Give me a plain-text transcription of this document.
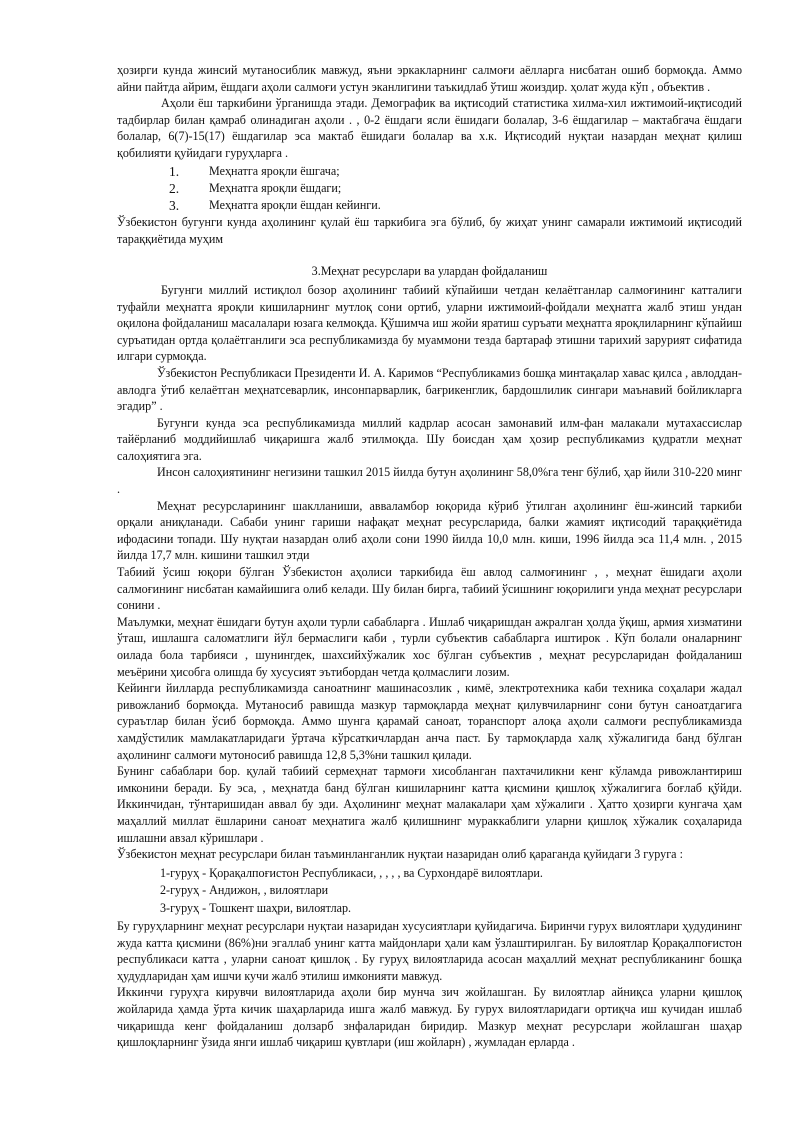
ҳозирги кунда жинсий мутаносиблик мавжуд, яъни эркакларнинг салмоғи аёлларга нисбатан ошиб бормоқда. Аммо айни пайтда айрим, ёшдаги аҳоли салмоғи устун эканлигини таъкидлаб ўтиш жоиздир. ҳолат жуда кўп , объектив .

Аҳоли ёш таркибини ўрганишда этади. Демографик ва иқтисодий статистика хилма-хил ижтимоий-иқтисодий тадбирлар билан қамраб олинадиган аҳоли . , 0-2 ёшдаги ясли ёшидаги болалар, 3-6 ёшдагилар – мактабгача ёшдаги болалар, 6(7)-15(17) ёшдагилар эса мактаб ёшидаги болалар ва х.к. Иқтисодий нуқтаи назардан меҳнат қилиш қобилияти қуйидаги гуруҳларга .

1.	Меҳнатга яроқли ёшгача;
2.	Меҳнатга яроқли ёшдаги;
3.	Меҳнатга яроқли ёшдан кейинги.

Ўзбекистон бугунги кунда аҳолининг қулай ёш таркибига эга бўлиб, бу жиҳат унинг самарали ижтимоий иқтисодий тараққиётида муҳим

3.Меҳнат ресурслари ва улардан фойдаланиш

Бугунги миллий истиқлол бозор аҳолининг табиий кўпайиши четдан келаётганлар салмоғининг катталиги туфайли меҳнатга яроқли кишиларнинг мутлоқ сони ортиб, уларни ижтимоий-фойдали меҳнатга жалб этиш ундан оқилона фойдаланиш масалалари юзага келмоқда. Қўшимча иш жойи яратиш суръати меҳнатга яроқлиларнинг кўпайиш суръатидан ортда қолаётганлиги эса республикамизда бу муаммони тезда бартараф этишни тарихий зарурият сифатида илгари сурмоқда.

Ўзбекистон Республикаси Президенти И. А. Каримов “Республикамиз бошқа минтақалар хавас қилса , авлоддан-авлодга ўтиб келаётган меҳнатсеварлик, инсонпарварлик, бағрикенглик, бардошлилик сингари маънавий бойликларга эгадир” .

Бугунги кунда эса республикамизда миллий кадрлар асосан замонавий илм-фан малакали мутахассислар тайёрланиб моддийишлаб чиқаришга жалб этилмоқда. Шу боисдан ҳам ҳозир республикамиз қудратли меҳнат салоҳиятига эга.

Инсон салоҳиятининг негизини ташкил 2015 йилда бутун аҳолининг 58,0%га тенг бўлиб, ҳар йили 310-220 минг .

Меҳнат ресурсларининг шаклланиши, авваламбор юқорида кўриб ўтилган аҳолининг ёш-жинсий таркиби орқали аниқланади. Сабаби унинг гариши нафақат меҳнат ресурсларида, балки жамият иқтисодий тараққиётида ифодасини топади. Шу нуқтаи назардан олиб аҳоли сони 1990 йилда 10,0 млн. киши, 1996 йилда эса 11,4 млн. , 2015 йилда 17,7 млн. кишини ташкил этди

Табиий ўсиш юқори бўлган Ўзбекистон аҳолиси таркибида ёш авлод салмоғининг , , меҳнат ёшидаги аҳоли салмоғининг нисбатан камайишига олиб келади. Шу билан бирга, табиий ўсишнинг юқорилиги унда меҳнат ресурслари сонини .

Маълумки, меҳнат ёшидаги бутун аҳоли турли сабабларга . Ишлаб чиқаришдан ажралган ҳолда ўқиш, армия хизматини ўташ, ишлашга саломатлиги йўл бермаслиги каби , турли субъектив сабабларга иштирок . Кўп болали оналарнинг оилада бола тарбияси , шунингдек, шахсийхўжалик хос бўлган субъектив , меҳнат ресурсларидан фойдаланиш меъёрини ҳисобга олишда бу хусусият эътибордан четда қолмаслиги лозим.

Кейинги йилларда республикамизда саноатнинг машинасозлик , кимё, электротехника каби техника соҳалари жадал ривожланиб бормоқда. Мутаносиб равишда мазкур тармоқларда меҳнат қилувчиларнинг сони бутун саноатдагига сураътлар билан ўсиб бормоқда. Аммо шунга қарамай саноат, торанспорт алоқа аҳоли салмоғи республикамизда хамдўстилик мамлакатларидаги ўртача кўрсаткичлардан анча паст. Бу тармоқларда халқ хўжалигида банд бўлган аҳолининг салмоғи мутоносиб равишда 12,8 5,3%ни ташкил қилади.

Бунинг сабаблари бор. қулай табиий сермеҳнат тармоғи хисобланган пахтачиликни кенг кўламда ривожлантириш имконини беради. Бу эса, , меҳнатда банд бўлган кишиларнинг катта қисмини қишлоқ хўжалигига боғлаб қўйди. Иккинчидан, тўнтаришидан аввал бу эди. Аҳолининг меҳнат малакалари ҳам хўжалиги . Ҳатто ҳозирги кунгача ҳам маҳаллий миллат ёшларини саноат меҳнатига жалб қилишнинг мураккаблиги уларни қишлоқ хўжалик соҳаларида ишлашни авзал кўришлари .

Ўзбекистон меҳнат ресурслари билан таъминланганлик нуқтаи назаридан олиб қараганда қуйидаги 3 гуруга :

1-гуруҳ - Қорақалпоғистон Республикаси, , , , , ва Сурхондарё вилоятлари.
2-гуруҳ - Андижон, , вилоятлари
3-гуруҳ - Тошкент шаҳри, вилоятлар.

Бу гуруҳларнинг меҳнат ресурслари нуқтаи назаридан хусусиятлари қуйидагича. Биринчи гурух вилоятлари ҳудудининг жуда катта қисмини (86%)ни эгаллаб унинг катта майдонлари ҳали кам ўзлаштирилган. Бу вилоятлар Қорақалпоғистон республикаси катта , уларни саноат қишлоқ . Бу гуруҳ вилоятларида асосан маҳаллий меҳнат республиканинг бошқа ҳудудларидан ҳам ишчи кучи жалб этилиш имконияти мавжуд.

Иккинчи гуруҳга кирувчи вилоятларида аҳоли бир мунча зич жойлашган. Бу вилоятлар айниқса уларни қишлоқ жойларида ҳамда ўрта кичик шаҳарларида ишга жалб мавжуд. Бу гурух вилоятларидаги ортиқча иш кучидан ишлаб чиқаришда кенг фойдаланиш долзарб знфаларидан биридир. Мазкур меҳнат ресурслари жойлашган шаҳар қишлоқларнинг ўзида янги ишлаб чиқариш қувтлари (иш жойларн) , жумладан ерларда .
